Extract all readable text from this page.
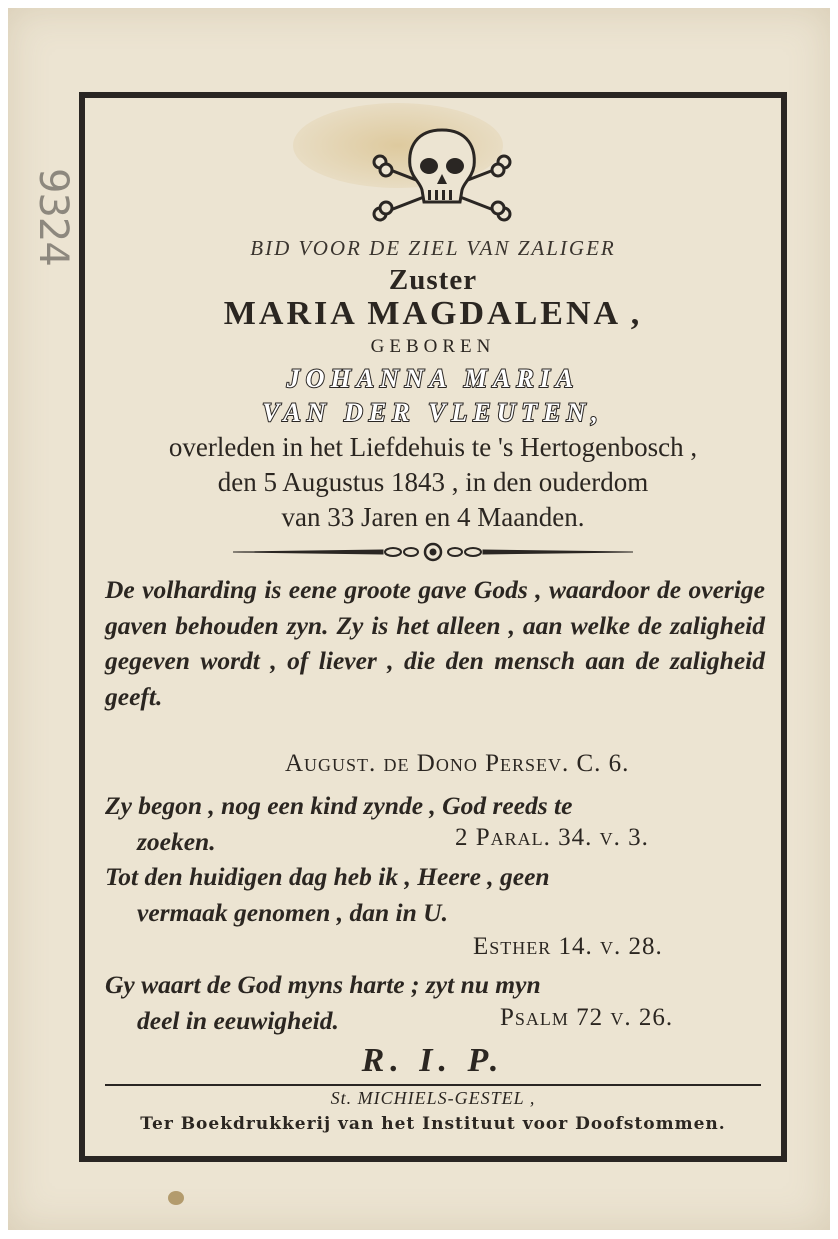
9324	BID VOOR DE ZIEL VAN ZALIGER
Zuster
MARIA MAGDALENA ,
GEBOREN
JOHANNA MARIA
VAN DER VLEUTEN,
overleden in het Liefdehuis te 's Hertogenbosch ,
den 5 Augustus 1843 , in den ouderdom
van 33 Jaren en 4 Maanden.
De volharding is eene groote gave Gods , waardoor de overige gaven behouden zyn. Zy is het alleen , aan welke de zaligheid gegeven wordt , of liever , die den mensch aan de zaligheid geeft.
August. de Dono Persev. C. 6.
Zy begon , nog een kind zynde , God reeds te
zoeken.	2 Paral. 34. v. 3.
Tot den huidigen dag heb ik , Heere , geen
vermaak genomen , dan in U.
Esther 14. v. 28.
Gy waart de God myns harte ; zyt nu myn
deel in eeuwigheid.	Psalm 72 v. 26.
R. I. P.
St. MICHIELS-GESTEL ,
Ter Boekdrukkerij van het Instituut voor Doofstommen.
